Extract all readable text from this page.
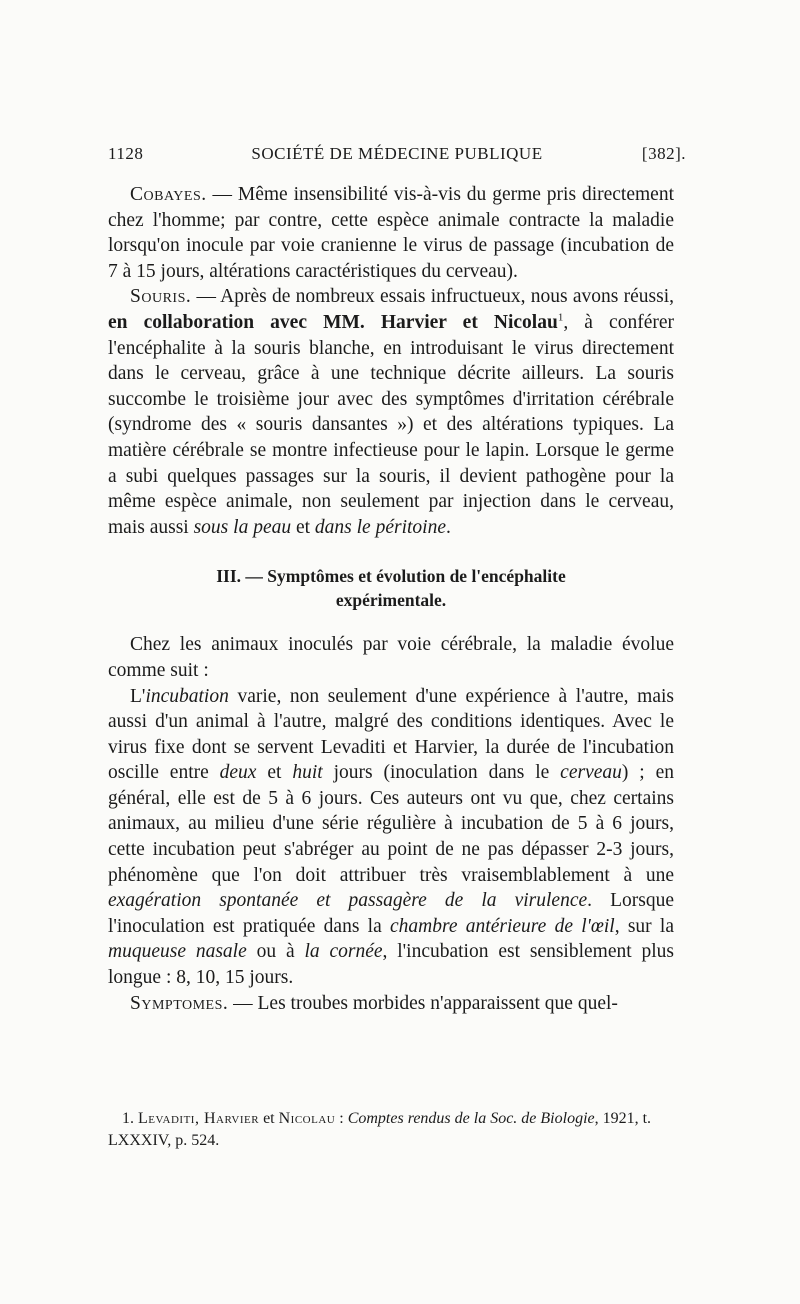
1128	SOCIÉTÉ DE MÉDECINE PUBLIQUE	[382].

Cobayes. — Même insensibilité vis-à-vis du germe pris directement chez l'homme; par contre, cette espèce animale contracte la maladie lorsqu'on inocule par voie cranienne le virus de passage (incubation de 7 à 15 jours, altérations caractéristiques du cerveau).

Souris. — Après de nombreux essais infructueux, nous avons réussi, en collaboration avec MM. Harvier et Nicolau$^1$, à conférer l'encéphalite à la souris blanche, en introduisant le virus directement dans le cerveau, grâce à une technique décrite ailleurs. La souris succombe le troisième jour avec des symptômes d'irritation cérébrale (syndrome des « souris dansantes ») et des altérations typiques. La matière cérébrale se montre infectieuse pour le lapin. Lorsque le germe a subi quelques passages sur la souris, il devient pathogène pour la même espèce animale, non seulement par injection dans le cerveau, mais aussi sous la peau et dans le péritoine.

III. — Symptômes et évolution de l'encéphalite
expérimentale.

Chez les animaux inoculés par voie cérébrale, la maladie évolue comme suit :

L'incubation varie, non seulement d'une expérience à l'autre, mais aussi d'un animal à l'autre, malgré des conditions identiques. Avec le virus fixe dont se servent Levaditi et Harvier, la durée de l'incubation oscille entre deux et huit jours (inoculation dans le cerveau) ; en général, elle est de 5 à 6 jours. Ces auteurs ont vu que, chez certains animaux, au milieu d'une série régulière à incubation de 5 à 6 jours, cette incubation peut s'abréger au point de ne pas dépasser 2-3 jours, phénomène que l'on doit attribuer très vraisemblablement à une exagération spontanée et passagère de la virulence. Lorsque l'inoculation est pratiquée dans la chambre antérieure de l'œil, sur la muqueuse nasale ou à la cornée, l'incubation est sensiblement plus longue : 8, 10, 15 jours.

Symptomes. — Les troubes morbides n'apparaissent que quel-

1. Levaditi, Harvier et Nicolau : Comptes rendus de la Soc. de Biologie, 1921, t. LXXXIV, p. 524.
